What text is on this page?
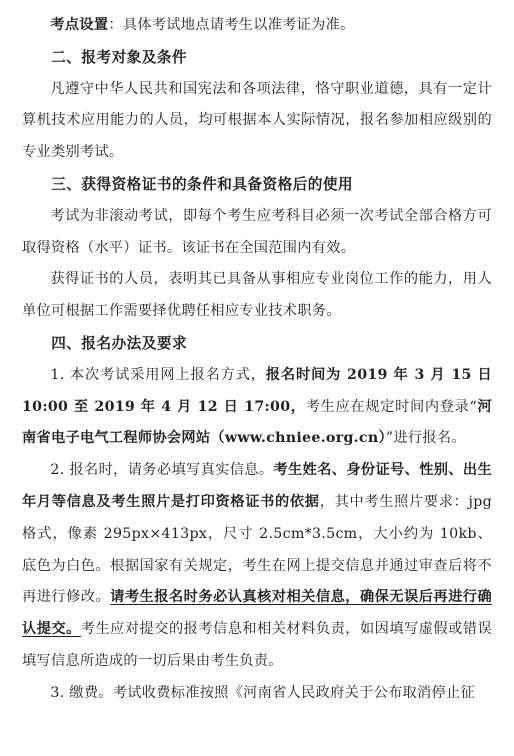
考点设置：具体考试地点请考生以准考证为准。

二、报考对象及条件

凡遵守中华人民共和国宪法和各项法律，恪守职业道德，具有一定计算机技术应用能力的人员，均可根据本人实际情况，报名参加相应级别的专业类别考试。

三、获得资格证书的条件和具备资格后的使用

考试为非滚动考试，即每个考生应考科目必须一次考试全部合格方可取得资格（水平）证书。该证书在全国范围内有效。

获得证书的人员，表明其已具备从事相应专业岗位工作的能力，用人单位可根据工作需要择优聘任相应专业技术职务。

四、报名办法及要求

1. 本次考试采用网上报名方式，报名时间为 2019 年 3 月 15 日 10:00 至 2019 年 4 月 12 日 17:00，考生应在规定时间内登录“河南省电子电气工程师协会网站（www.chniee.org.cn）”进行报名。

2. 报名时，请务必填写真实信息。考生姓名、身份证号、性别、出生年月等信息及考生照片是打印资格证书的依据，其中考生照片要求：jpg 格式，像素 295px×413px，尺寸 2.5cm*3.5cm，大小约为 10kb、底色为白色。根据国家有关规定，考生在网上提交信息并通过审查后将不再进行修改。请考生报名时务必认真核对相关信息，确保无误后再进行确认提交。考生应对提交的报考信息和相关材料负责，如因填写虚假或错误填写信息所造成的一切后果由考生负责。

3. 缴费。考试收费标准按照《河南省人民政府关于公布取消停止征
